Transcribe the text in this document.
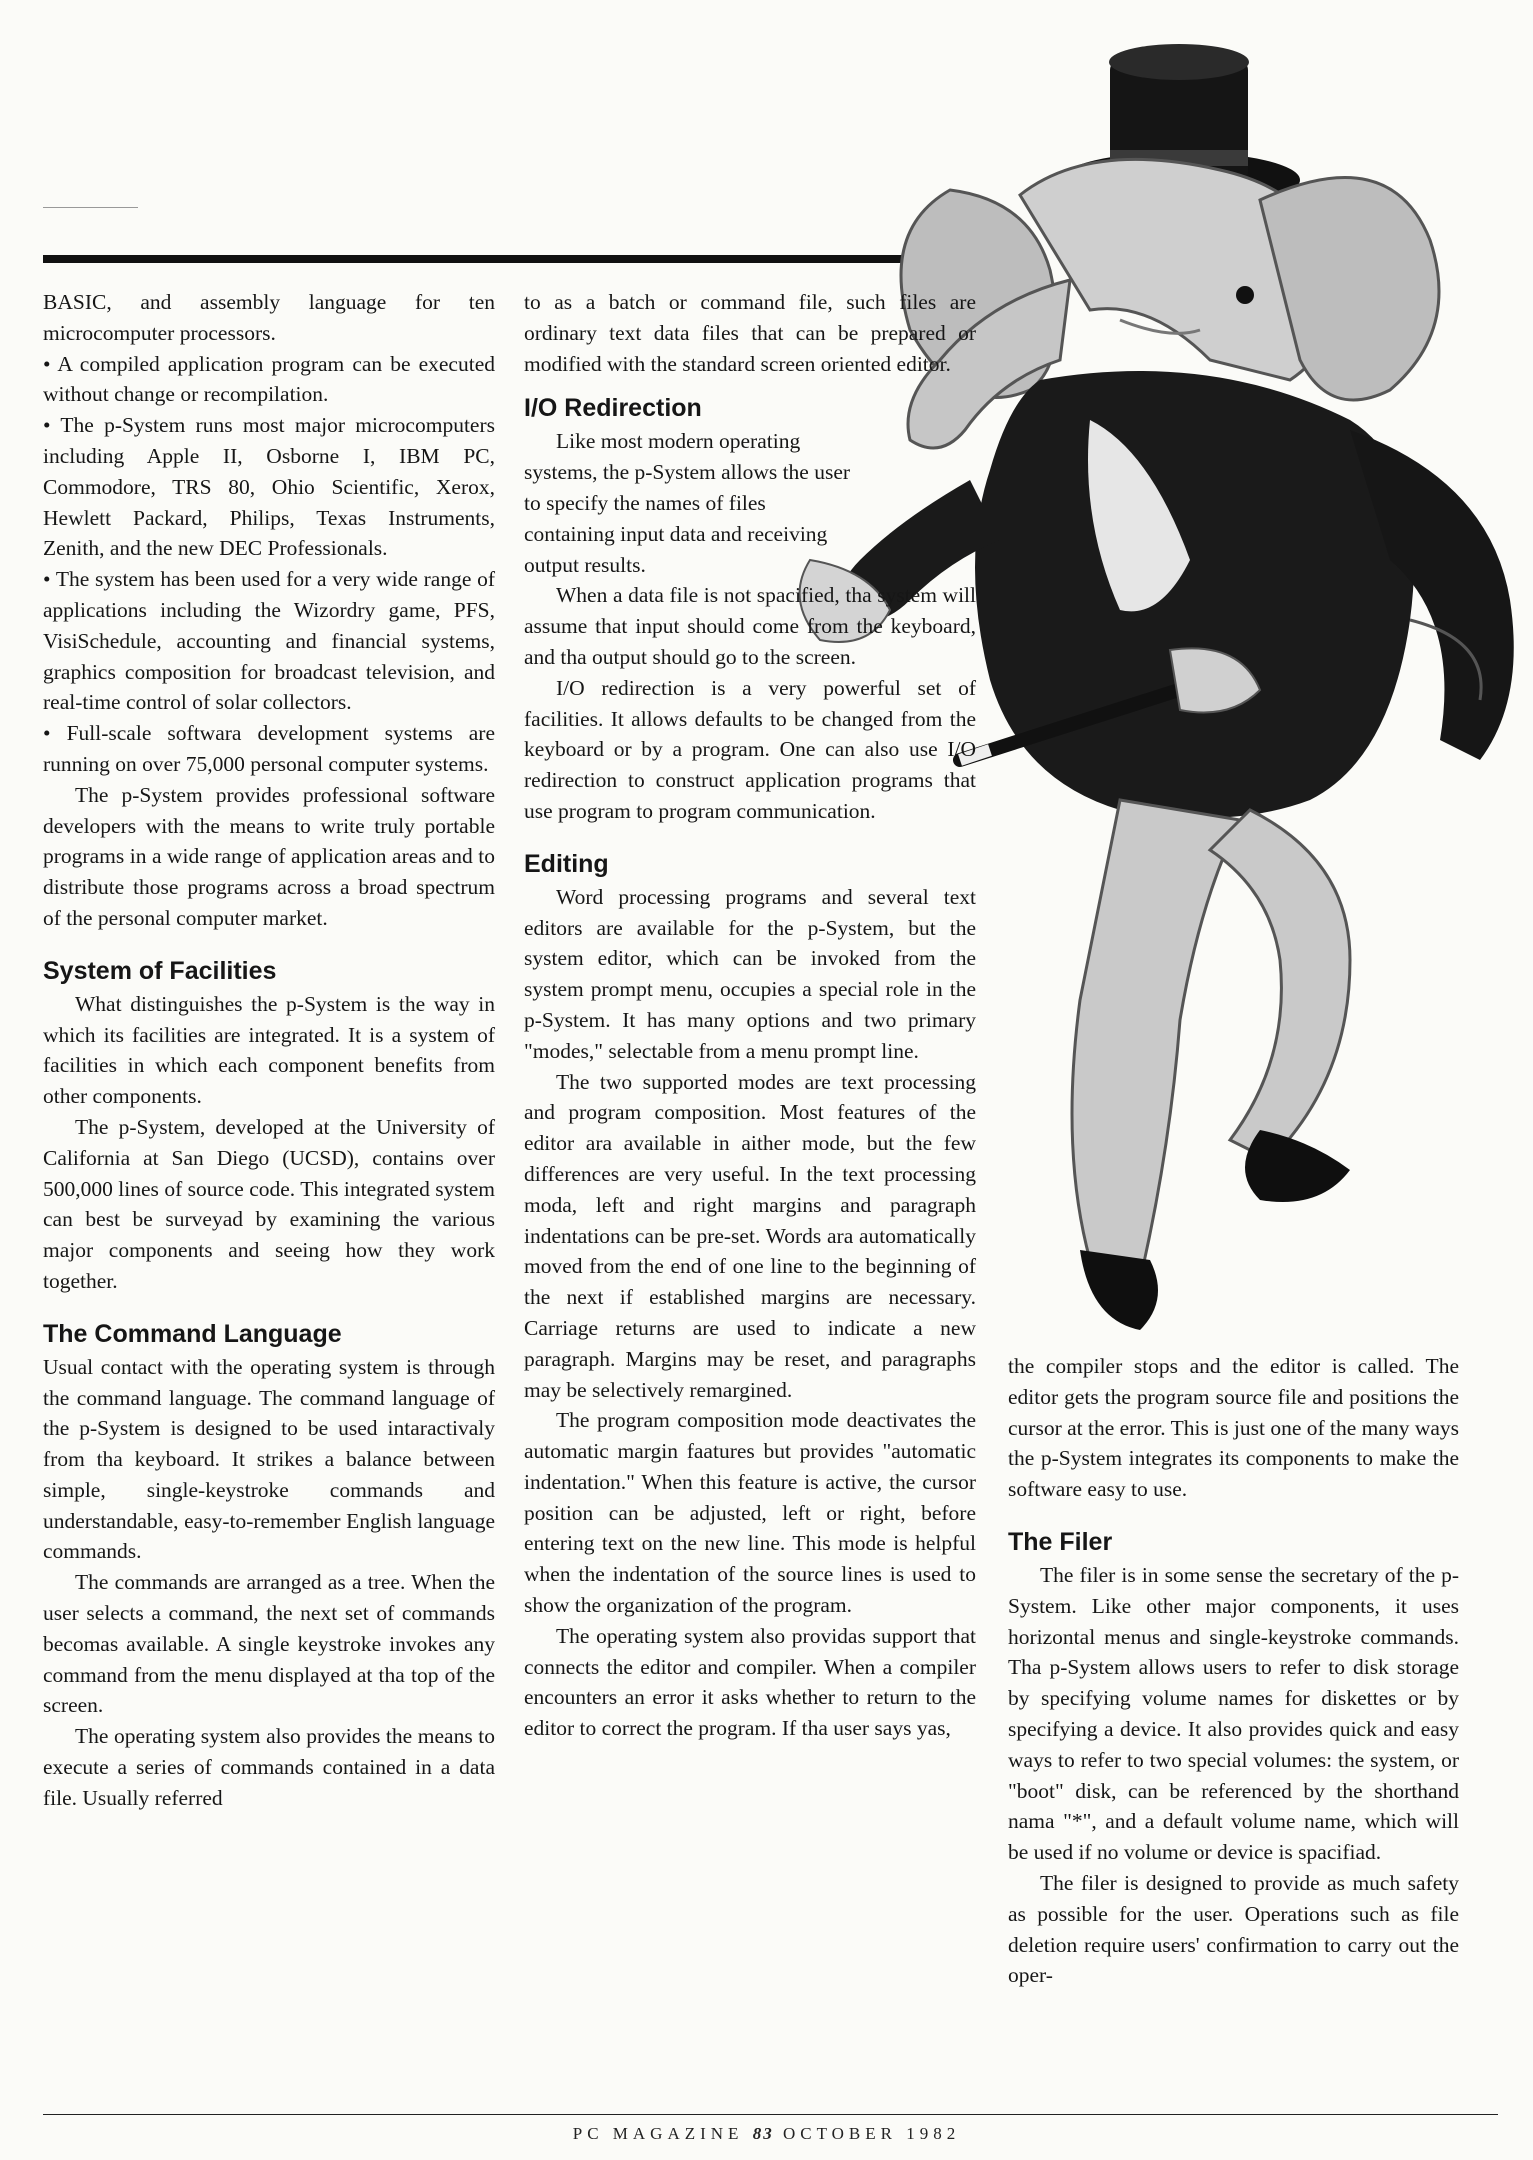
BASIC, and assembly language for ten microcomputer processors.

• A compiled application program can be executed without change or recompilation.

• The p-System runs most major microcomputers including Apple II, Osborne I, IBM PC, Commodore, TRS 80, Ohio Scientific, Xerox, Hewlett Packard, Philips, Texas Instruments, Zenith, and the new DEC Professionals.

• The system has been used for a very wide range of applications including the Wizordry game, PFS, VisiSchedule, accounting and financial systems, graphics composition for broadcast television, and real-time control of solar collectors.

• Full-scale softwara development systems are running on over 75,000 personal computer systems.

The p-System provides professional software developers with the means to write truly portable programs in a wide range of application areas and to distribute those programs across a broad spectrum of the personal computer market.

System of Facilities

What distinguishes the p-System is the way in which its facilities are integrated. It is a system of facilities in which each component benefits from other components.

The p-System, developed at the University of California at San Diego (UCSD), contains over 500,000 lines of source code. This integrated system can best be surveyad by examining the various major components and seeing how they work together.

The Command Language

Usual contact with the operating system is through the command language. The command language of the p-System is designed to be used intaractivaly from tha keyboard. It strikes a balance between simple, single-keystroke commands and understandable, easy-to-remember English language commands.

The commands are arranged as a tree. When the user selects a command, the next set of commands becomas available. A single keystroke invokes any command from the menu displayed at tha top of the screen.

The operating system also provides the means to execute a series of commands contained in a data file. Usually referred

to as a batch or command file, such files are ordinary text data files that can be prepared or modified with the standard screen oriented editor.

I/O Redirection

Like most modern operating systems, the p-System allows the user to specify the names of files containing input data and receiving output results.

When a data file is not spacified, tha system will assume that input should come from the keyboard, and tha output should go to the screen.

I/O redirection is a very powerful set of facilities. It allows defaults to be changed from the keyboard or by a program. One can also use I/O redirection to construct application programs that use program to program communication.

Editing

Word processing programs and several text editors are available for the p-System, but the system editor, which can be invoked from the system prompt menu, occupies a special role in the p-System. It has many options and two primary "modes," selectable from a menu prompt line.

The two supported modes are text processing and program composition. Most features of the editor ara available in aither mode, but the few differences are very useful. In the text processing moda, left and right margins and paragraph indentations can be pre-set. Words ara automatically moved from the end of one line to the beginning of the next if established margins are necessary. Carriage returns are used to indicate a new paragraph. Margins may be reset, and paragraphs may be selectively remargined.

The program composition mode deactivates the automatic margin faatures but provides "automatic indentation." When this feature is active, the cursor position can be adjusted, left or right, before entering text on the new line. This mode is helpful when the indentation of the source lines is used to show the organization of the program.

The operating system also providas support that connects the editor and compiler. When a compiler encounters an error it asks whether to return to the editor to correct the program. If tha user says yas,

the compiler stops and the editor is called. The editor gets the program source file and positions the cursor at the error. This is just one of the many ways the p-System integrates its components to make the software easy to use.

The Filer

The filer is in some sense the secretary of the p-System. Like other major components, it uses horizontal menus and single-keystroke commands. Tha p-System allows users to refer to disk storage by specifying volume names for diskettes or by specifying a device. It also provides quick and easy ways to refer to two special volumes: the system, or "boot" disk, can be referenced by the shorthand nama "*", and a default volume name, which will be used if no volume or device is spacifiad.

The filer is designed to provide as much safety as possible for the user. Operations such as file deletion require users' confirmation to carry out the oper-

PC MAGAZINE 83 OCTOBER 1982
